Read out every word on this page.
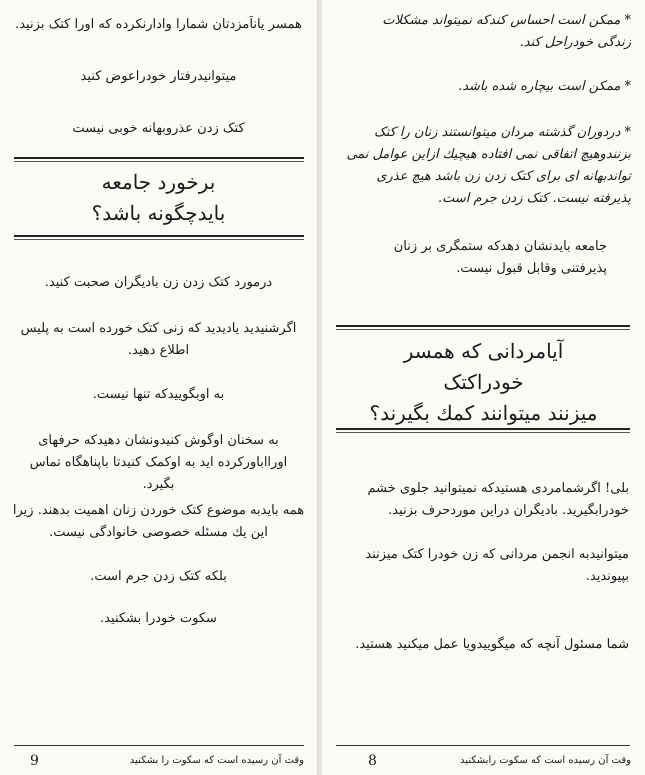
همسر یاناَمزدتان شمارا وادارنکرده که اورا کتک بزنید.

میتوانیدرفتار خودراعوض کنید

کتک زدن عذروبهانه خوبی نیست

برخورد جامعه
بایدچگونه باشد؟

درمورد کتک زدن زن بادیگران صحبت کنید.

اگرشنیدید یادیدید که زنی کتک خورده است به پلیس اطلاع دهید.

به اوبگوییدکه تنها نیست.

به سخنان اوگوش کنیدونشان دهیدکه حرفهای اورااباورکرده اید به اوکمک کنیدتا باپناهگاه تماس بگیرد.

همه بایدبه موضوع کتک خوردن زنان اهمیت بدهند. زیرا این یك مسئله خصوصی خانوادگی نیست.

بلکه کتک زدن جرم است.

سکوت خودرا بشکنید.

وقت آن رسیده است که سکوت را بشکنید
9

* ممکن است احساس کندکه نمیتواند مشکلات زندگی خودراحل کند.

* ممکن است بیچاره شده باشد.

* دردوران گذشته مردان میتوانستند زنان را کتک بزنندوهیچ اتفاقی نمی افتاده هیچیك ازاین عوامل نمی تواندبهانه ای برای کتک زدن زن باشد هیچ عذری پذیرفته نیست. کتک زدن جرم است.

جامعه بایدنشان دهدکه ستمگری بر زنان پذیرفتنی وقابل قبول نیست.

آیامردانی که همسر
خودراکتک
میزنند میتوانند کمك بگیرند؟

بلی! اگرشمامردی هستیدکه نمیتوانید جلوی خشم خودرابگیرید. بادیگران دراین موردحرف بزنید.

میتوانیدبه انجمن مردانی که زن خودرا کتک میزنند بپیوندید.

شما مسئول آنچه که میگوییدویا عمل میکنید هستید.

وقت آن رسیده است که سکوت رابشکنید
8
